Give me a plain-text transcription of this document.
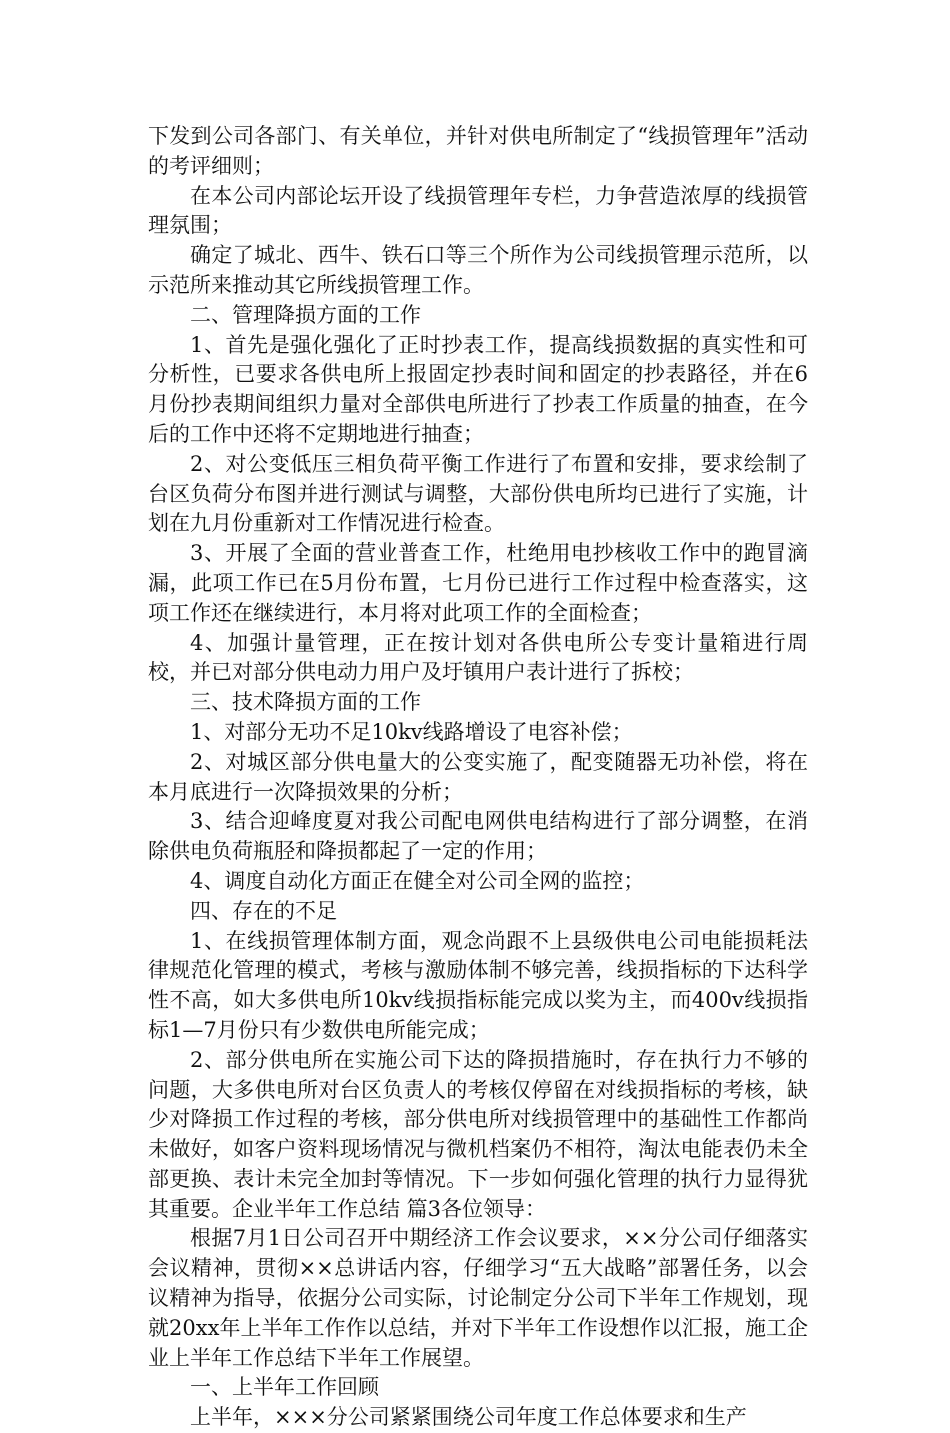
下发到公司各部门、有关单位，并针对供电所制定了“线损管理年”活动的考评细则；

在本公司内部论坛开设了线损管理年专栏，力争营造浓厚的线损管理氛围；

确定了城北、西牛、铁石口等三个所作为公司线损管理示范所，以示范所来推动其它所线损管理工作。

二、管理降损方面的工作

1、首先是强化强化了正时抄表工作，提高线损数据的真实性和可分析性，已要求各供电所上报固定抄表时间和固定的抄表路径，并在6月份抄表期间组织力量对全部供电所进行了抄表工作质量的抽查，在今后的工作中还将不定期地进行抽查；

2、对公变低压三相负荷平衡工作进行了布置和安排，要求绘制了台区负荷分布图并进行测试与调整，大部份供电所均已进行了实施，计划在九月份重新对工作情况进行检查。

3、开展了全面的营业普查工作，杜绝用电抄核收工作中的跑冒滴漏，此项工作已在5月份布置，七月份已进行工作过程中检查落实，这项工作还在继续进行，本月将对此项工作的全面检查；

4、加强计量管理，正在按计划对各供电所公专变计量箱进行周校，并已对部分供电动力用户及圩镇用户表计进行了拆校；

三、技术降损方面的工作

1、对部分无功不足10kv线路增设了电容补偿；

2、对城区部分供电量大的公变实施了，配变随器无功补偿，将在本月底进行一次降损效果的分析；

3、结合迎峰度夏对我公司配电网供电结构进行了部分调整，在消除供电负荷瓶胫和降损都起了一定的作用；

4、调度自动化方面正在健全对公司全网的监控；

四、存在的不足

1、在线损管理体制方面，观念尚跟不上县级供电公司电能损耗法律规范化管理的模式，考核与激励体制不够完善，线损指标的下达科学性不高，如大多供电所10kv线损指标能完成以奖为主，而400v线损指标1—7月份只有少数供电所能完成；

2、部分供电所在实施公司下达的降损措施时，存在执行力不够的问题，大多供电所对台区负责人的考核仅停留在对线损指标的考核，缺少对降损工作过程的考核，部分供电所对线损管理中的基础性工作都尚未做好，如客户资料现场情况与微机档案仍不相符，淘汰电能表仍未全部更换、表计未完全加封等情况。下一步如何强化管理的执行力显得犹其重要。企业半年工作总结 篇3各位领导：

根据7月1日公司召开中期经济工作会议要求，××分公司仔细落实会议精神，贯彻××总讲话内容，仔细学习“五大战略”部署任务，以会议精神为指导，依据分公司实际，讨论制定分公司下半年工作规划，现就20xx年上半年工作作以总结，并对下半年工作设想作以汇报，施工企业上半年工作总结下半年工作展望。

一、上半年工作回顾

上半年，×××分公司紧紧围绕公司年度工作总体要求和生产
